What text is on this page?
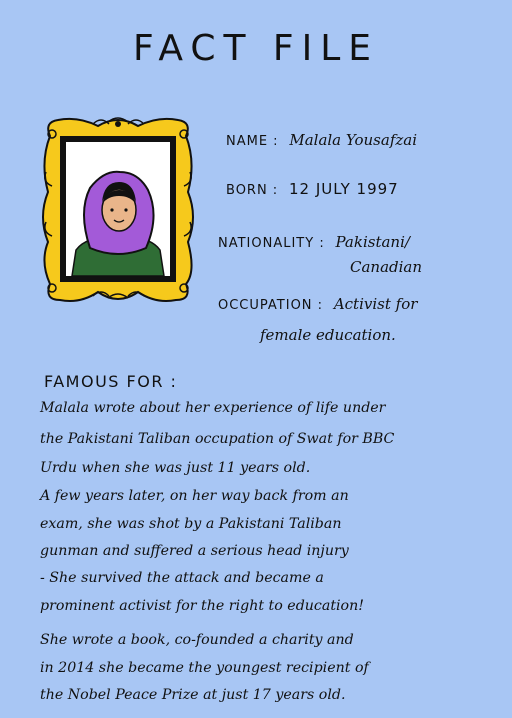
FACT FILE
NAME : Malala Yousafzai
BORN : 12 JULY 1997
NATIONALITY : Pakistani/
Canadian
OCCUPATION : Activist for
female education.
FAMOUS FOR :
Malala wrote about her experience of life under
the Pakistani Taliban occupation of Swat for BBC
Urdu when she was just 11 years old.
A few years later, on her way back from an
exam, she was shot by a Pakistani Taliban
gunman and suffered a serious head injury
- She survived the attack and became a
prominent activist for the right to education!
She wrote a book, co-founded a charity and
in 2014 she became the youngest recipient of
the Nobel Peace Prize at just 17 years old.
